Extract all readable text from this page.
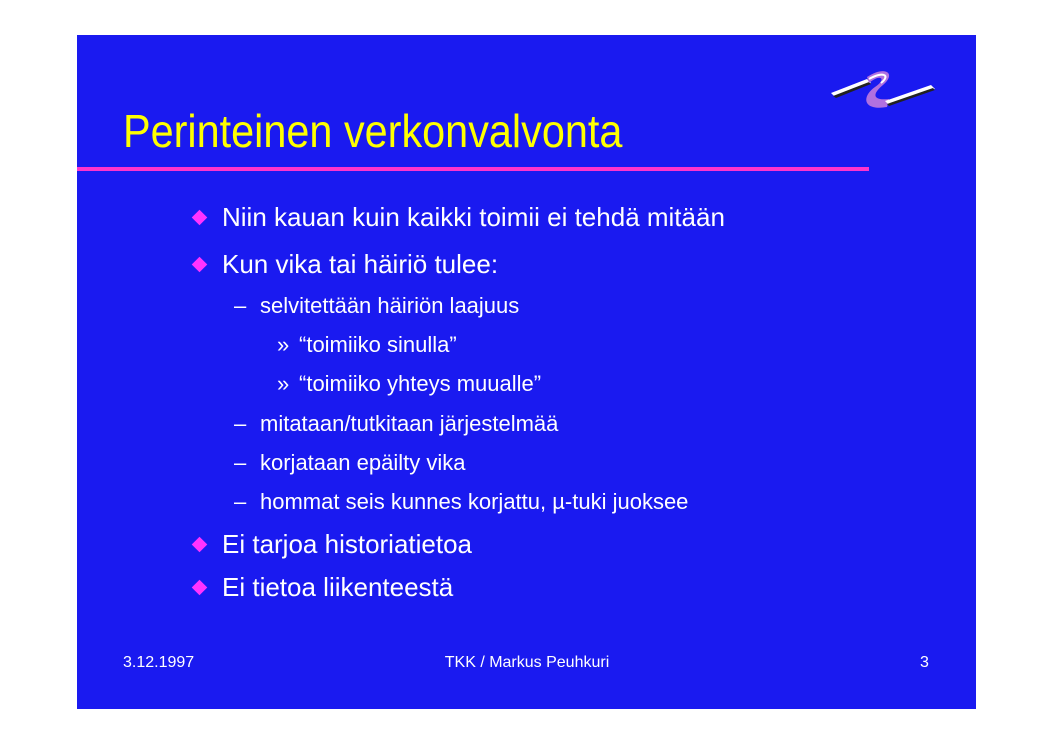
Perinteinen verkonvalvonta
Niin kauan kuin kaikki toimii ei tehdä mitään
Kun vika tai häiriö tulee:
– selvitettään häiriön laajuus
» “toimiiko sinulla”
» “toimiiko yhteys muualle”
– mitataan/tutkitaan järjestelmää
– korjataan epäilty vika
– hommat seis kunnes korjattu, µ-tuki juoksee
Ei tarjoa historiatietoa
Ei tietoa liikenteestä
3.12.1997	TKK / Markus Peuhkuri	3
